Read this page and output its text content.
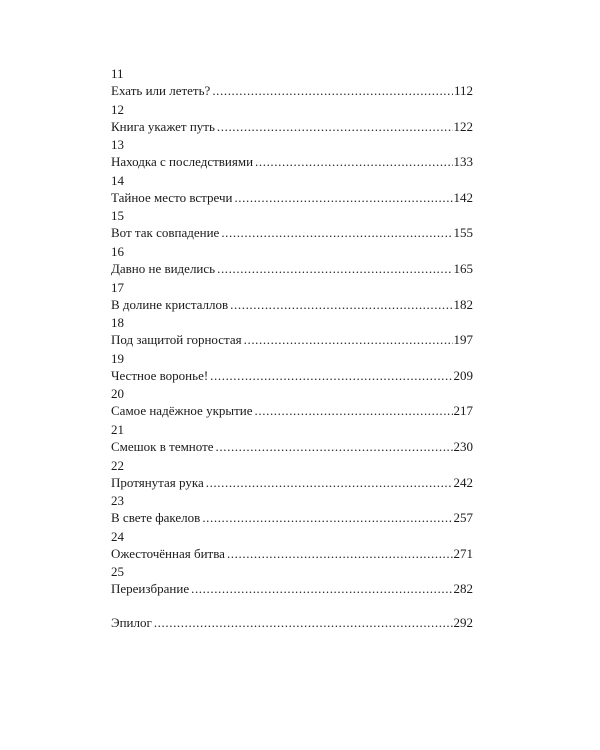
11
Ехать или лететь? .....	112
12
Книга укажет путь .....	122
13
Находка с последствиями .....	133
14
Тайное место встречи .....	142
15
Вот так совпадение .....	155
16
Давно не виделись .....	165
17
В долине кристаллов .....	182
18
Под защитой горностая .....	197
19
Честное воронье! .....	209
20
Самое надёжное укрытие .....	217
21
Смешок в темноте .....	230
22
Протянутая рука .....	242
23
В свете факелов .....	257
24
Ожесточённая битва .....	271
25
Переизбрание .....	282
Эпилог .....	292
